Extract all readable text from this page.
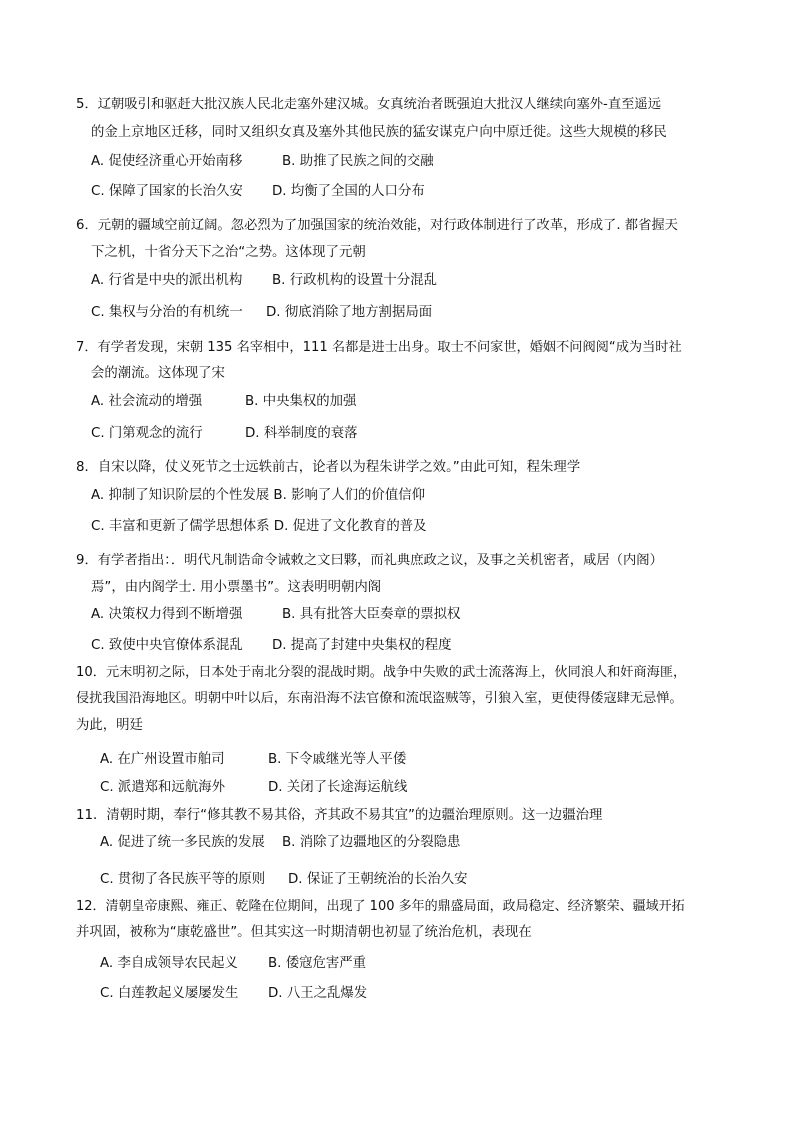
5．辽朝吸引和驱赶大批汉族人民北走塞外建汉城。女真统治者既强迫大批汉人继续向塞外-直至遥远
的金上京地区迁移，同时又组织女真及塞外其他民族的猛安谋克户向中原迁徙。这些大规模的移民
A. 促使经济重心开始南移	B. 助推了民族之间的交融
C. 保障了国家的长治久安 D. 均衡了全国的人口分布
6．元朝的疆域空前辽阔。忽必烈为了加强国家的统治效能，对行政体制进行了改革，形成了. 都省握天
下之机，十省分天下之治“之势。这体现了元朝
A. 行省是中央的派出机构 B. 行政机构的设置十分混乱
C. 集权与分治的有机统一 D. 彻底消除了地方割据局面
7．有学者发现，宋朝 135 名宰相中，111 名都是进士出身。取士不问家世，婚姻不问阀阅“成为当时社
会的潮流。这体现了宋
A. 社会流动的增强	B. 中央集权的加强
C. 门第观念的流行	D. 科举制度的衰落
8．自宋以降，仗义死节之士远轶前古，论者以为程朱讲学之效。”由此可知，程朱理学
A. 抑制了知识阶层的个性发展 B. 影响了人们的价值信仰
C. 丰富和更新了儒学思想体系 D. 促进了文化教育的普及
9．有学者指出：．明代凡制诰命令诫敕之文曰夥，而礼典庶政之议，及事之关机密者，咸居（内阁）
焉”，由内阁学士. 用小票墨书”。这表明明朝内阁
A. 决策权力得到不断增强	B. 具有批答大臣奏章的票拟权
C. 致使中央官僚体系混乱 D. 提高了封建中央集权的程度
10．元末明初之际，日本处于南北分裂的混战时期。战争中失败的武士流落海上，伙同浪人和奸商海匪，
侵扰我国沿海地区。明朝中叶以后，东南沿海不法官僚和流氓盗贼等，引狼入室，更使得倭寇肆无忌惮。
为此，明廷
A. 在广州设置市舶司	B. 下令戚继光等人平倭
C. 派遣郑和远航海外	D. 关闭了长途海运航线
11．清朝时期，奉行“修其教不易其俗，齐其政不易其宜”的边疆治理原则。这一边疆治理
A. 促进了统一多民族的发展 B. 消除了边疆地区的分裂隐患
C. 贯彻了各民族平等的原则 D. 保证了王朝统治的长治久安
12．清朝皇帝康熙、雍正、乾隆在位期间，出现了 100 多年的鼎盛局面，政局稳定、经济繁荣、疆域开拓
并巩固，被称为“康乾盛世”。但其实这一时期清朝也初显了统治危机，表现在
A. 李自成领导农民起义 B. 倭寇危害严重
C. 白莲教起义屡屡发生 D. 八王之乱爆发
